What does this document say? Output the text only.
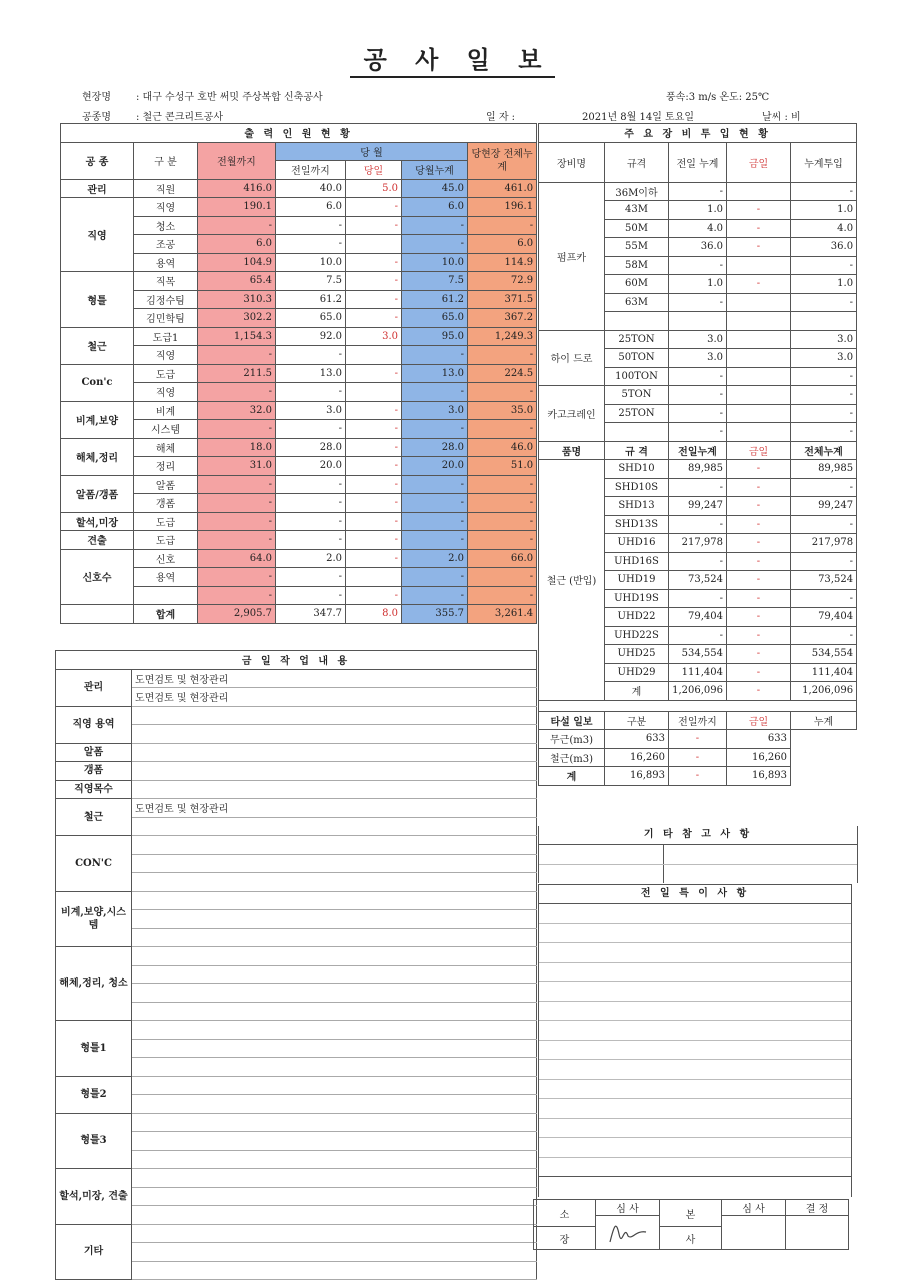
공 사 일 보
현장명	: 대구 수성구 호반 써밋 주상복합 신축공사	풍속:3 m/s 온도: 25℃
공종명	: 철근 콘크리트공사	일 자 :	2021년 8월 14일 토요일	날씨 : 비
출 력 인 원 현 황						
공 종	구 분	전월까지	당 월			당현장 전체누계
			전일까지	당일	당월누계	
관리	직원	416.0	40.0	5.0	45.0	461.0
직영	직영	190.1	6.0	-	6.0	196.1
	청소	-	-	-	-	-
	조공	6.0	-		-	6.0
	용역	104.9	10.0	-	10.0	114.9
형틀	직목	65.4	7.5	-	7.5	72.9
	김정수팀	310.3	61.2	-	61.2	371.5
	김민학팀	302.2	65.0	-	65.0	367.2
철근	도급1	1,154.3	92.0	3.0	95.0	1,249.3
	직영	-	-		-	-
Con'c	도급	211.5	13.0	-	13.0	224.5
	직영	-	-		-	-
비계,보양	비계	32.0	3.0	-	3.0	35.0
	시스템	-	-	-	-	-
해체,정리	해체	18.0	28.0	-	28.0	46.0
	정리	31.0	20.0	-	20.0	51.0
알폼/갱폼	알폼	-	-	-	-	-
	갱폼	-	-	-	-	-
할석,미장	도급	-	-	-	-	-
견출	도급	-	-	-	-	-
신호수	신호	64.0	2.0	-	2.0	66.0
	용역	-	-		-	-
		-	-	-	-	-
	합계	2,905.7	347.7	8.0	355.7	3,261.4
금 일 작 업 내 용	
관리	도면검토 및 현장관리
	도면검토 및 현장관리
직영 용역	

알폼	
갱폼	
직영목수	
철근	도면검토 및 현장관리

CON'C	

비계,보양,시스템	

해체,정리, 청소	

형틀1	

형틀2	

형틀3	

할석,미장, 견출	

기타	

주 요 장 비 투 입 현 황				
장비명	규격	전일 누계	금일	누계투입
펌프카	36M이하	-		-
	43M	1.0	-	1.0
	50M	4.0	-	4.0
	55M	36.0	-	36.0
	58M	-		-
	60M	1.0	-	1.0
	63M	-		-

하이 드로	25TON	3.0		3.0
	50TON	3.0		3.0
	100TON	-		-
카고크레인	5TON	-		-
	25TON	-		-
		-		-
품명	규 격	전일누계	금일	전체누계
철근 (반입)	SHD10	89,985	-	89,985
	SHD10S	-	-	-
	SHD13	99,247	-	99,247
	SHD13S	-	-	-
	UHD16	217,978	-	217,978
	UHD16S	-	-	-
	UHD19	73,524	-	73,524
	UHD19S	-	-	-
	UHD22	79,404	-	79,404
	UHD22S	-	-	-
	UHD25	534,554	-	534,554
	UHD29	111,404	-	111,404
	계	1,206,096	-	1,206,096

타설 일보	구분	전일까지	금일	누계
무근(m3)	633	-	633	
철근(m3)	16,260	-	16,260	
계	16,893	-	16,893	
기 타 참 고 사 항
전 일 특 이 사 항
소	심 사	본	심 사	결 정

장		사		
